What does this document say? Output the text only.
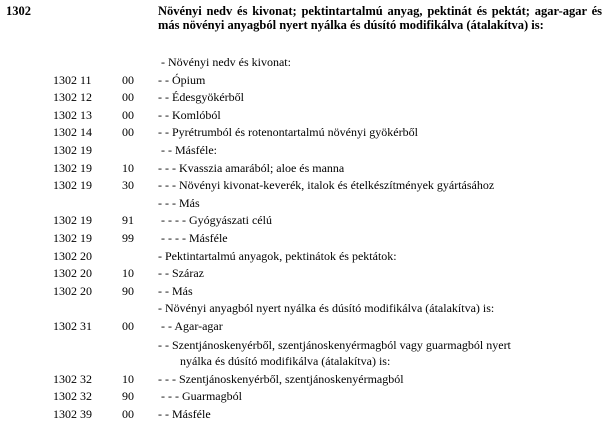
1302	Növényi nedv és kivonat; pektintartalmú anyag, pektinát és pektát; agar-agar és más növényi anyagból nyert nyálka és dúsító modifikálva (átalakítva) is:
- Növényi nedv és kivonat:
1302 11	00 - - Ópium
1302 12	00 - - Édesgyökérből
1302 13	00 - - Komlóból
1302 14	00 - - Pyrétrumból és rotenontartalmú növényi gyökérből
1302 19	- - Másféle:
1302 19	10 - - - Kvasszia amarából; aloe és manna
1302 19	30 - - - Növényi kivonat-keverék, italok és ételkészítmények gyártásához
- - - Más
1302 19	91 - - - - Gyógyászati célú
1302 19	99 - - - - Másféle
1302 20	- Pektintartalmú anyagok, pektinátok és pektátok:
1302 20	10 - - Száraz
1302 20	90 - - Más
- Növényi anyagból nyert nyálka és dúsító modifikálva (átalakítva) is:
1302 31	00 - - Agar-agar
- - Szentjánoskenyérből, szentjánoskenyérmagból vagy guarmagból nyert
nyálka és dúsító modifikálva (átalakítva) is:
1302 32	10 - - - Szentjánoskenyérből, szentjánoskenyérmagból
1302 32	90 - - - Guarmagból
1302 39	00 - - Másféle
